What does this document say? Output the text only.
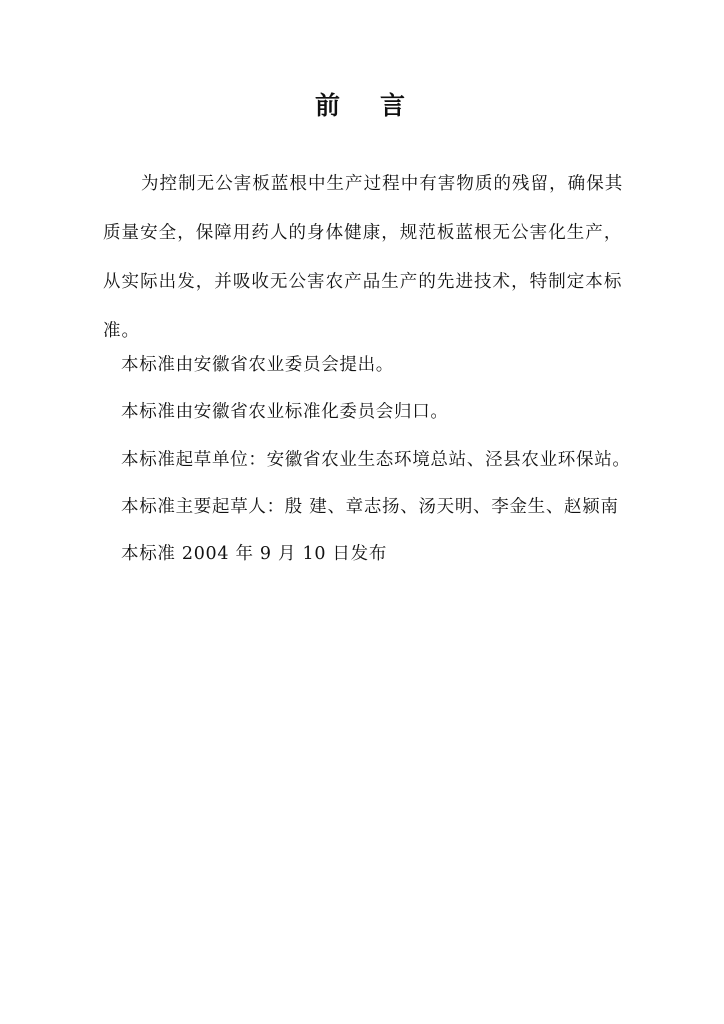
前 言
为控制无公害板蓝根中生产过程中有害物质的残留，确保其
质量安全，保障用药人的身体健康，规范板蓝根无公害化生产，
从实际出发，并吸收无公害农产品生产的先进技术，特制定本标
准。
本标准由安徽省农业委员会提出。
本标准由安徽省农业标准化委员会归口。
本标准起草单位：安徽省农业生态环境总站、泾县农业环保站。
本标准主要起草人：殷 建、章志扬、汤天明、李金生、赵颍南
本标准 2004 年 9 月 10 日发布
